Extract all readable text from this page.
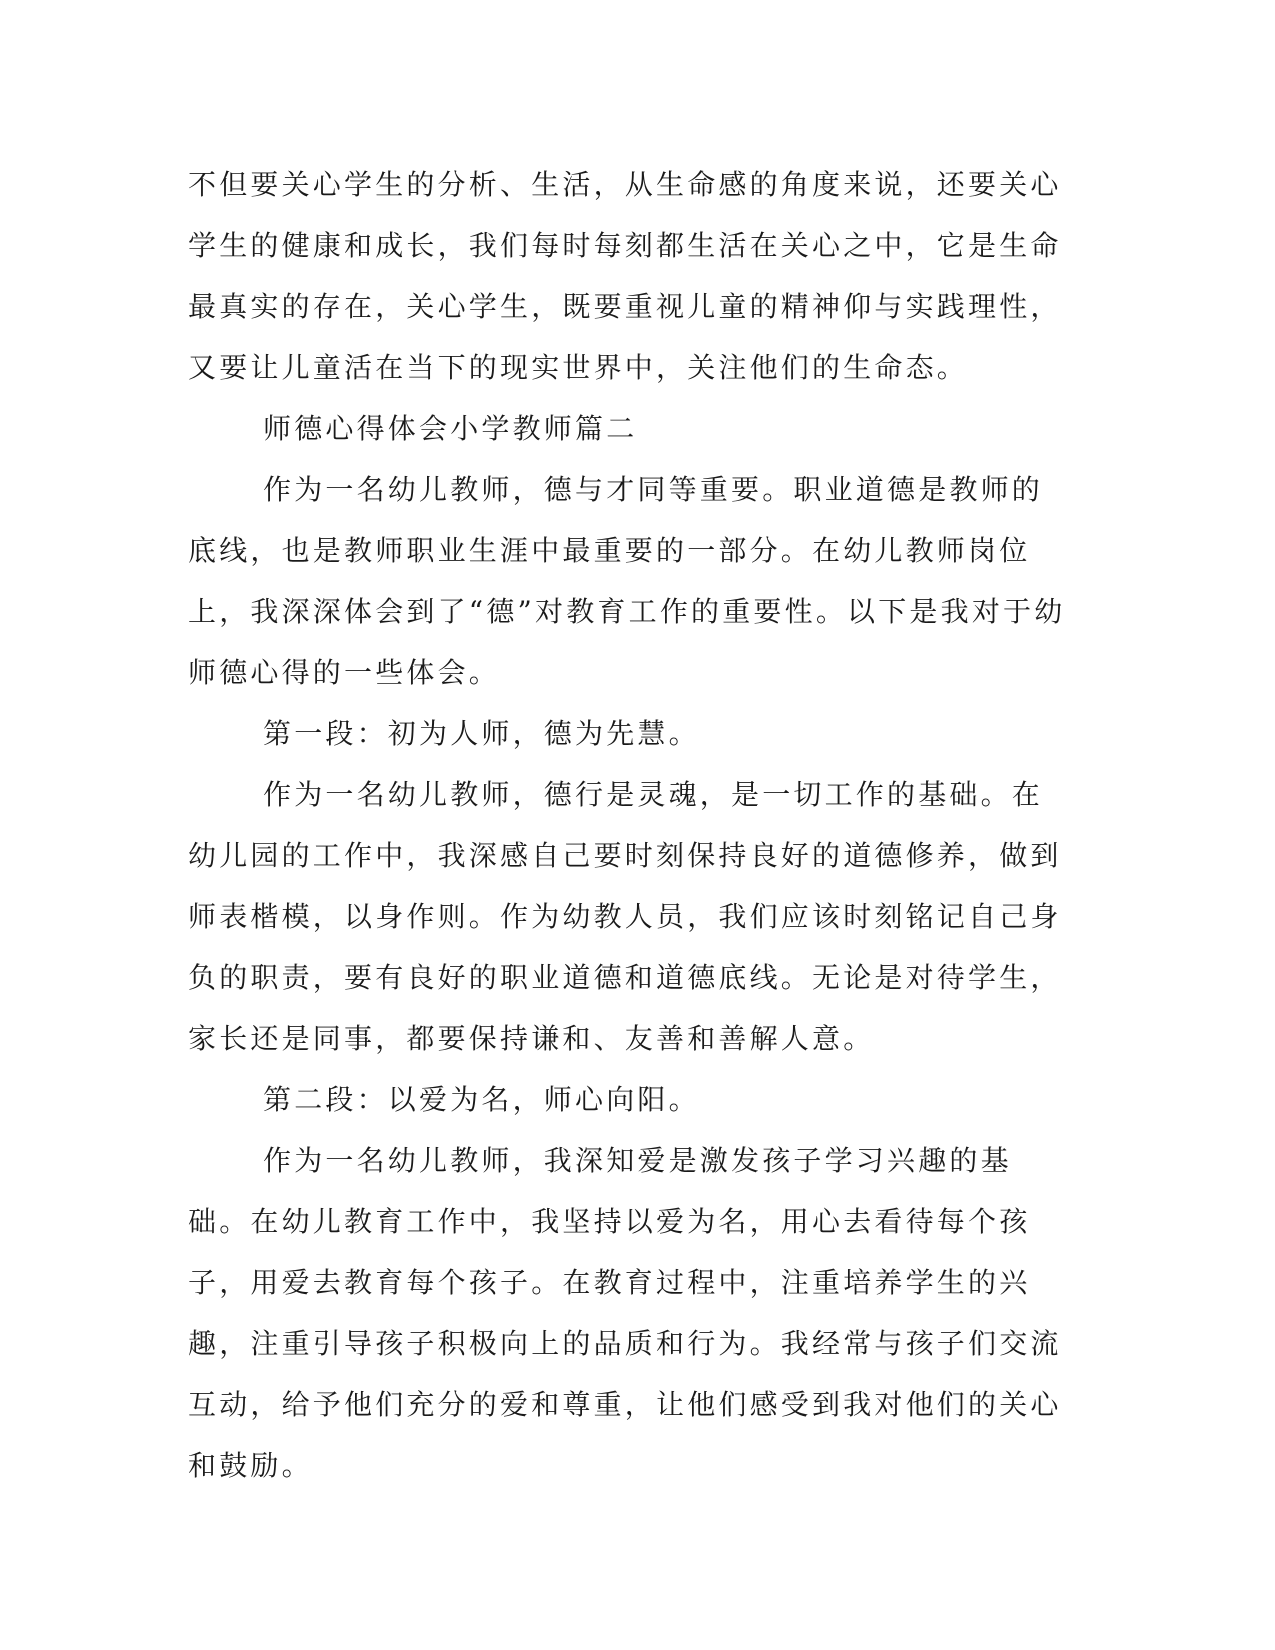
不但要关心学生的分析、生活，从生命感的角度来说，还要关心学生的健康和成长，我们每时每刻都生活在关心之中，它是生命最真实的存在，关心学生，既要重视儿童的精神仰与实践理性，又要让儿童活在当下的现实世界中，关注他们的生命态。

师德心得体会小学教师篇二

作为一名幼儿教师，德与才同等重要。职业道德是教师的底线，也是教师职业生涯中最重要的一部分。在幼儿教师岗位上，我深深体会到了“德”对教育工作的重要性。以下是我对于幼师德心得的一些体会。

第一段：初为人师，德为先慧。

作为一名幼儿教师，德行是灵魂，是一切工作的基础。在幼儿园的工作中，我深感自己要时刻保持良好的道德修养，做到师表楷模，以身作则。作为幼教人员，我们应该时刻铭记自己身负的职责，要有良好的职业道德和道德底线。无论是对待学生，家长还是同事，都要保持谦和、友善和善解人意。

第二段：以爱为名，师心向阳。

作为一名幼儿教师，我深知爱是激发孩子学习兴趣的基础。在幼儿教育工作中，我坚持以爱为名，用心去看待每个孩子，用爱去教育每个孩子。在教育过程中，注重培养学生的兴趣，注重引导孩子积极向上的品质和行为。我经常与孩子们交流互动，给予他们充分的爱和尊重，让他们感受到我对他们的关心和鼓励。
